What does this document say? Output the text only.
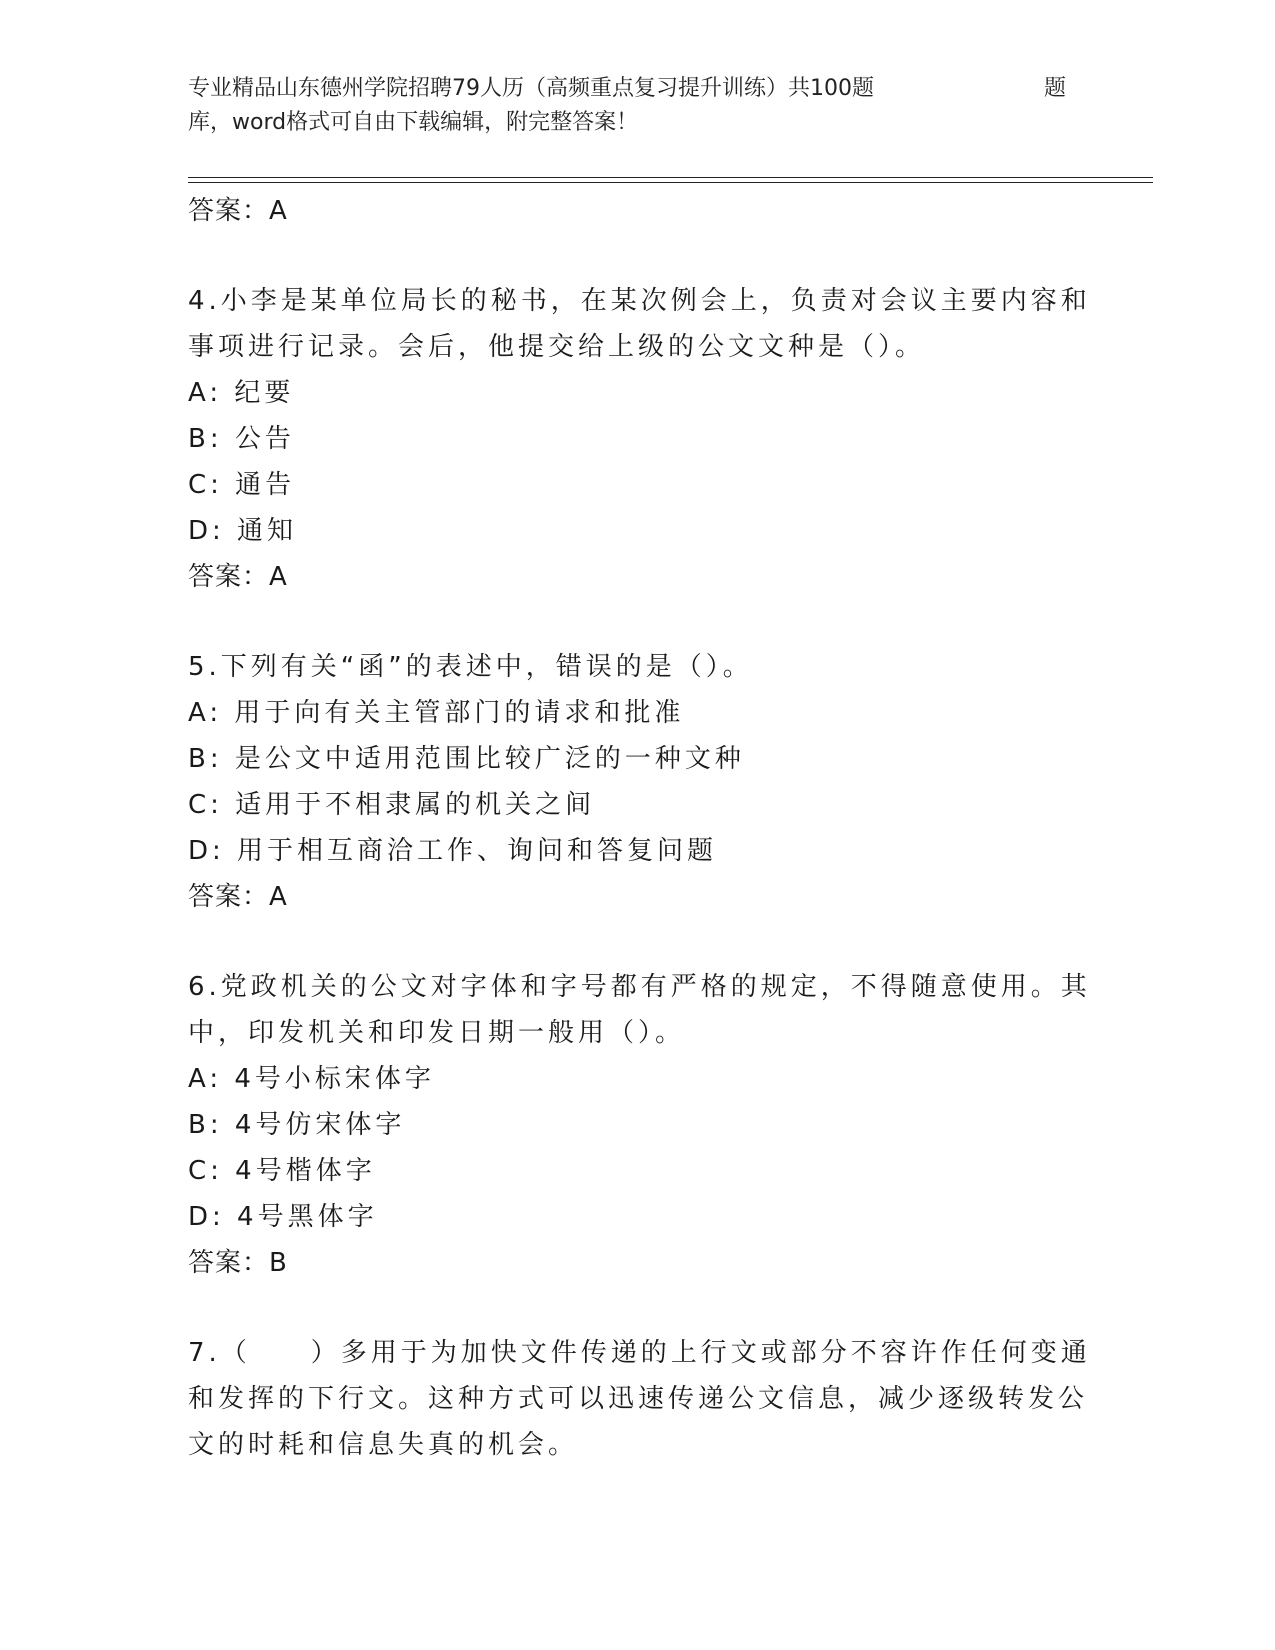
专业精品山东德州学院招聘79人历（高频重点复习提升训练）共100题	题
库，word格式可自由下载编辑，附完整答案！
答案：A
4.小李是某单位局长的秘书，在某次例会上，负责对会议主要内容和
事项进行记录。会后，他提交给上级的公文文种是（）。
A: 纪要
B: 公告
C: 通告
D: 通知
答案：A
5.下列有关“函”的表述中，错误的是（）。
A: 用于向有关主管部门的请求和批准
B: 是公文中适用范围比较广泛的一种文种
C: 适用于不相隶属的机关之间
D: 用于相互商洽工作、询问和答复问题
答案：A
6.党政机关的公文对字体和字号都有严格的规定，不得随意使用。其
中，印发机关和印发日期一般用（）。
A: 4号小标宋体字
B: 4号仿宋体字
C: 4号楷体字
D: 4号黑体字
答案：B
7.（　　）多用于为加快文件传递的上行文或部分不容许作任何变通
和发挥的下行文。这种方式可以迅速传递公文信息，减少逐级转发公
文的时耗和信息失真的机会。
